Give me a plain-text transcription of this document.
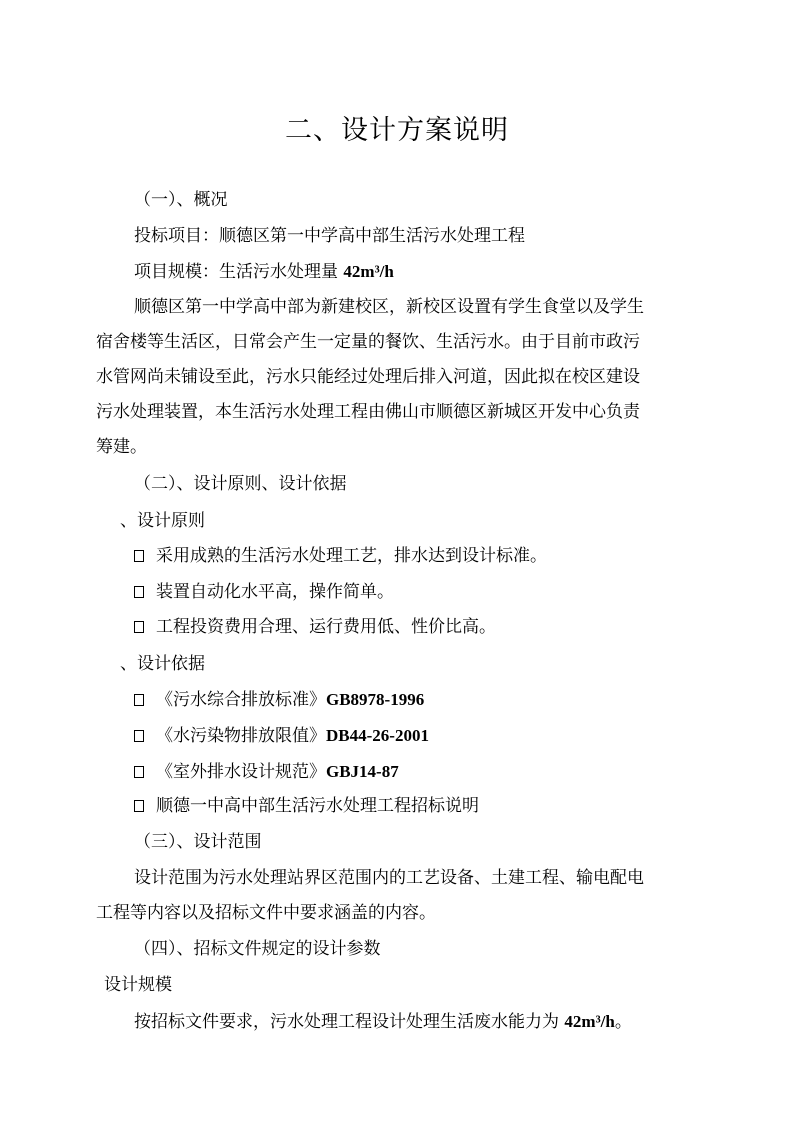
二、设计方案说明
（一）、概况
投标项目：顺德区第一中学高中部生活污水处理工程
项目规模：生活污水处理量 42m³/h
顺德区第一中学高中部为新建校区，新校区设置有学生食堂以及学生
宿舍楼等生活区，日常会产生一定量的餐饮、生活污水。由于目前市政污
水管网尚未铺设至此，污水只能经过处理后排入河道，因此拟在校区建设
污水处理装置，本生活污水处理工程由佛山市顺德区新城区开发中心负责
筹建。
（二）、设计原则、设计依据
、设计原则
采用成熟的生活污水处理工艺，排水达到设计标准。
装置自动化水平高，操作简单。
工程投资费用合理、运行费用低、性价比高。
、设计依据
《污水综合排放标准》GB8978-1996
《水污染物排放限值》DB44-26-2001
《室外排水设计规范》GBJ14-87
顺德一中高中部生活污水处理工程招标说明
（三）、设计范围
设计范围为污水处理站界区范围内的工艺设备、土建工程、输电配电
工程等内容以及招标文件中要求涵盖的内容。
（四）、招标文件规定的设计参数
设计规模
按招标文件要求，污水处理工程设计处理生活废水能力为 42m³/h。
